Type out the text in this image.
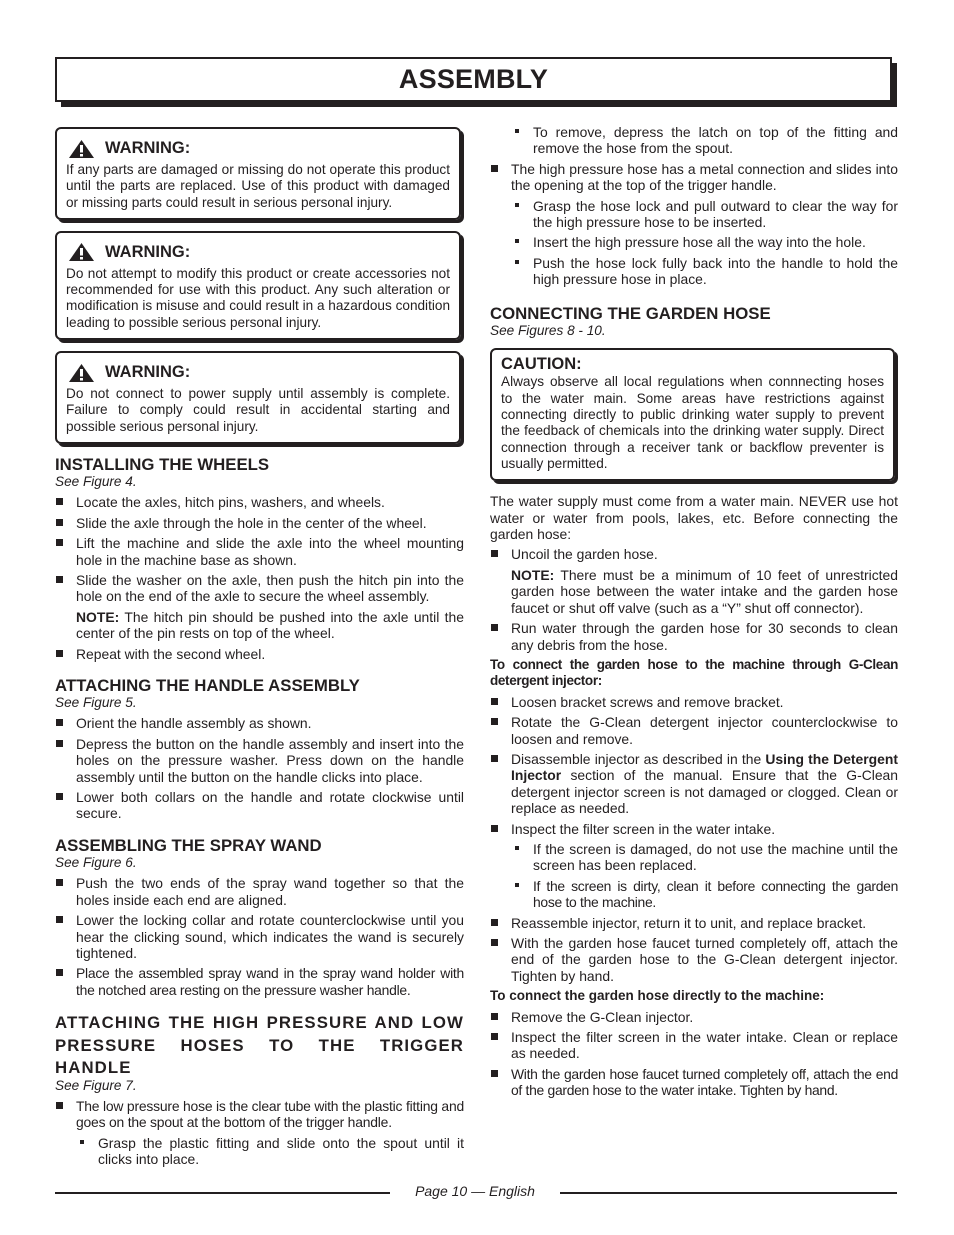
ASSEMBLY
WARNING:

If any parts are damaged or missing do not operate this product until the parts are replaced. Use of this product with damaged or missing parts could result in serious personal injury.

WARNING:

Do not attempt to modify this product or create accessories not recommended for use with this product. Any such alteration or modification is misuse and could result in a hazardous condition leading to possible serious personal injury.

WARNING:

Do not connect to power supply until assembly is complete. Failure to comply could result in accidental starting and possible serious personal injury.

INSTALLING THE WHEELS
See Figure 4.
Locate the axles, hitch pins, washers, and wheels.
Slide the axle through the hole in the center of the wheel.
Lift the machine and slide the axle into the wheel mounting hole in the machine base as shown.
Slide the washer on the axle, then push the hitch pin into the hole on the end of the axle to secure the wheel assembly.

NOTE: The hitch pin should be pushed into the axle until the center of the pin rests on top of the wheel.

Repeat with the second wheel.
ATTACHING THE HANDLE ASSEMBLY
See Figure 5.
Orient the handle assembly as shown.
Depress the button on the handle assembly and insert into the holes on the pressure washer. Press down on the handle assembly until the button on the handle clicks into place.
Lower both collars on the handle and rotate clockwise until secure.
ASSEMBLING THE SPRAY WAND
See Figure 6.
Push the two ends of the spray wand together so that the holes inside each end are aligned.
Lower the locking collar and rotate counterclockwise until you hear the clicking sound, which indicates the wand is securely tightened.
Place the assembled spray wand in the spray wand holder with the notched area resting on the pressure washer handle.
ATTACHING THE HIGH PRESSURE AND LOW PRESSURE HOSES TO THE TRIGGER HANDLE
See Figure 7.
The low pressure hose is the clear tube with the plastic fitting and goes on the spout at the bottom of the trigger handle.
Grasp the plastic fitting and slide onto the spout until it clicks into place.
To remove, depress the latch on top of the fitting and remove the hose from the spout.
The high pressure hose has a metal connection and slides into the opening at the top of the trigger handle.
Grasp the hose lock and pull outward to clear the way for the high pressure hose to be inserted.
Insert the high pressure hose all the way into the hole.
Push the hose lock fully back into the handle to hold the high pressure hose in place.
CONNECTING THE GARDEN HOSE
See Figures 8 - 10.
CAUTION:

Always observe all local regulations when connnecting hoses to the water main. Some areas have restrictions against connecting directly to public drinking water supply to prevent the feedback of chemicals into the drinking water supply. Direct connection through a receiver tank or backflow preventer is usually permitted.

The water supply must come from a water main. NEVER use hot water or water from pools, lakes, etc. Before connecting the garden hose:

Uncoil the garden hose.

NOTE: There must be a minimum of 10 feet of unrestricted garden hose between the water intake and the garden hose faucet or shut off valve (such as a “Y” shut off connector).

Run water through the garden hose for 30 seconds to clean any debris from the hose.

To connect the garden hose to the machine through G-Clean detergent injector:

Loosen bracket screws and remove bracket.
Rotate the G-Clean detergent injector counterclockwise to loosen and remove.
Disassemble injector as described in the Using the Detergent Injector section of the manual. Ensure that the G-Clean detergent injector screen is not damaged or clogged. Clean or replace as needed.
Inspect the filter screen in the water intake.
If the screen is damaged, do not use the machine until the screen has been replaced.
If the screen is dirty, clean it before connecting the garden hose to the machine.
Reassemble injector, return it to unit, and replace bracket.
With the garden hose faucet turned completely off, attach the end of the garden hose to the G-Clean detergent injector. Tighten by hand.

To connect the garden hose directly to the machine:

Remove the G-Clean injector.
Inspect the filter screen in the water intake. Clean or replace as needed.
With the garden hose faucet turned completely off, attach the end of the garden hose to the water intake. Tighten by hand.
Page 10 — English
